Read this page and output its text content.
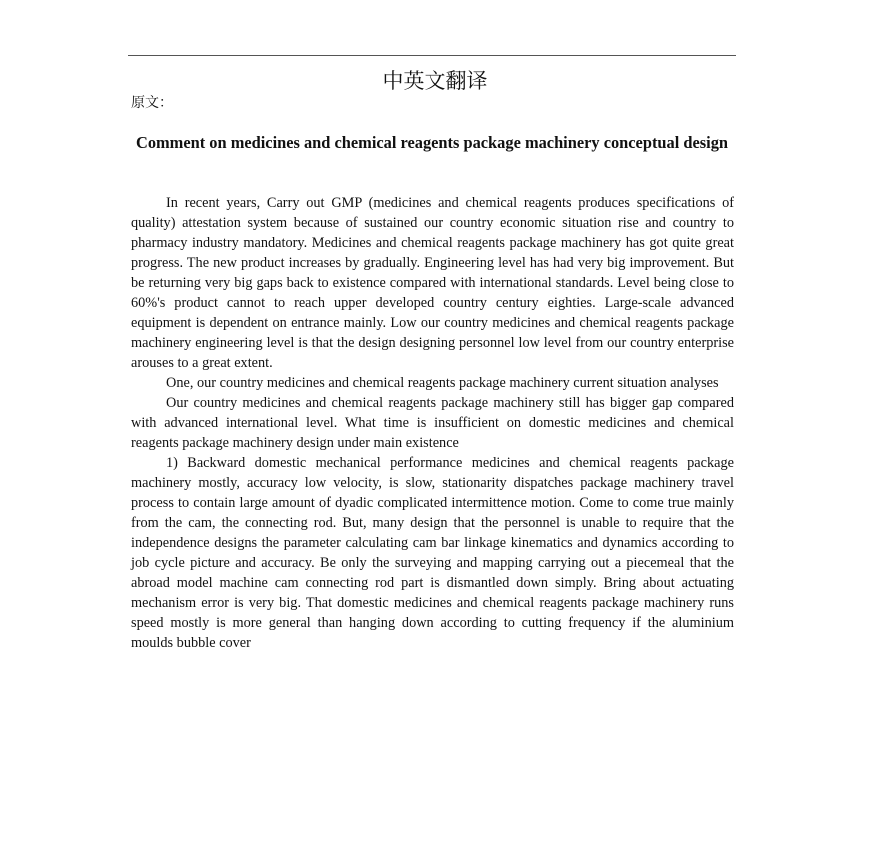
中英文翻译
原文：
Comment on medicines and chemical reagents package machinery conceptual design

In recent years, Carry out GMP (medicines and chemical reagents produces specifications of quality) attestation system because of sustained our country economic situation rise and country to pharmacy industry mandatory. Medicines and chemical reagents package machinery has got quite great progress. The new product increases by gradually. Engineering level has had very big improvement. But be returning very big gaps back to existence compared with international standards. Level being close to 60%'s product cannot to reach upper developed country century eighties. Large-scale advanced equipment is dependent on entrance mainly. Low our country medicines and chemical reagents package machinery engineering level is that the design designing personnel low level from our country enterprise arouses to a great extent.

One, our country medicines and chemical reagents package machinery current situation analyses

Our country medicines and chemical reagents package machinery still has bigger gap compared with advanced international level. What time is insufficient on domestic medicines and chemical reagents package machinery design under main existence

1) Backward domestic mechanical performance medicines and chemical reagents package machinery mostly, accuracy low velocity, is slow, stationarity dispatches package machinery travel process to contain large amount of dyadic complicated intermittence motion. Come to come true mainly from the cam, the connecting rod. But, many design that the personnel is unable to require that the independence designs the parameter calculating cam bar linkage kinematics and dynamics according to job cycle picture and accuracy. Be only the surveying and mapping carrying out a piecemeal that the abroad model machine cam connecting rod part is dismantled down simply. Bring about actuating mechanism error is very big. That domestic medicines and chemical reagents package machinery runs speed mostly is more general than hanging down according to cutting frequency if the aluminium moulds bubble cover
